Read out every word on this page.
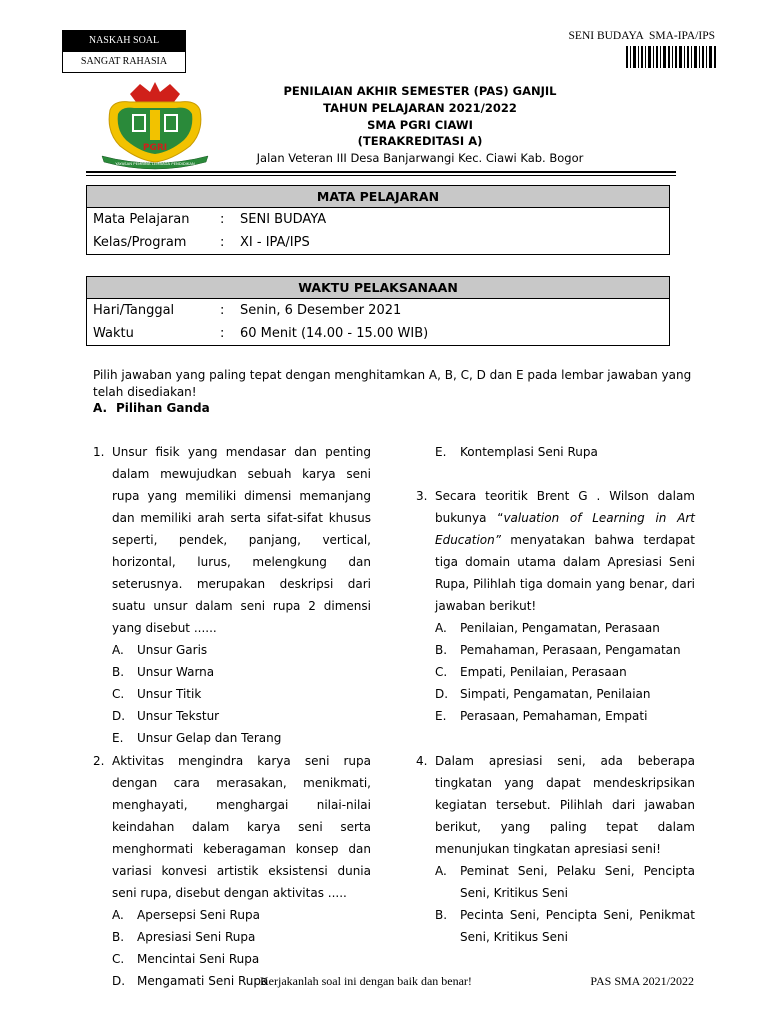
NASKAH SOAL
SANGAT RAHASIA
SENI BUDAYA  SMA-IPA/IPS
PGRI
YAYASAN PEMBINA LEMBAGA PENDIDIKAN
PENILAIAN AKHIR SEMESTER (PAS) GANJIL
TAHUN PELAJARAN 2021/2022
SMA PGRI CIAWI
(TERAKREDITASI A)
Jalan Veteran III Desa Banjarwangi Kec. Ciawi Kab. Bogor
MATA PELAJARAN
Mata Pelajaran : SENI BUDAYA
Kelas/Program	: XI - IPA/IPS
WAKTU PELAKSANAAN
Hari/Tanggal	: Senin, 6 Desember 2021
Waktu	: 60 Menit (14.00 - 15.00 WIB)
Pilih jawaban yang paling tepat dengan menghitamkan A, B, C, D dan E pada lembar jawaban yang telah disediakan!
A. Pilihan Ganda
1. Unsur fisik yang mendasar dan penting dalam mewujudkan sebuah karya seni rupa yang memiliki dimensi memanjang dan memiliki arah serta sifat-sifat khusus seperti, pendek, panjang, vertical, horizontal, lurus, melengkung dan seterusnya. merupakan deskripsi dari suatu unsur dalam seni rupa 2 dimensi yang disebut ......
A. Unsur Garis
B. Unsur Warna
C. Unsur Titik
D. Unsur Tekstur
E. Unsur Gelap dan Terang
2. Aktivitas mengindra karya seni rupa dengan cara merasakan, menikmati, menghayati, menghargai nilai-nilai keindahan dalam karya seni serta menghormati keberagaman konsep dan variasi konvesi artistik eksistensi dunia seni rupa, disebut dengan aktivitas .....
A. Apersepsi Seni Rupa
B. Apresiasi Seni Rupa
C. Mencintai Seni Rupa
D. Mengamati Seni Rupa
E. Kontemplasi Seni Rupa
3. Secara teoritik Brent G . Wilson dalam bukunya “valuation of Learning in Art Education” menyatakan bahwa terdapat tiga domain utama dalam Apresiasi Seni Rupa, Pilihlah tiga domain yang benar, dari jawaban berikut!
A. Penilaian, Pengamatan, Perasaan
B. Pemahaman, Perasaan, Pengamatan
C. Empati, Penilaian, Perasaan
D. Simpati, Pengamatan, Penilaian
E. Perasaan, Pemahaman, Empati
4. Dalam apresiasi seni, ada beberapa tingkatan yang dapat mendeskripsikan kegiatan tersebut. Pilihlah dari jawaban berikut, yang paling tepat dalam menunjukan tingkatan apresiasi seni!
A. Peminat Seni, Pelaku Seni, Pencipta Seni, Kritikus Seni
B. Pecinta Seni, Pencipta Seni, Penikmat Seni, Kritikus Seni
Kerjakanlah soal ini dengan baik dan benar!	PAS SMA 2021/2022
